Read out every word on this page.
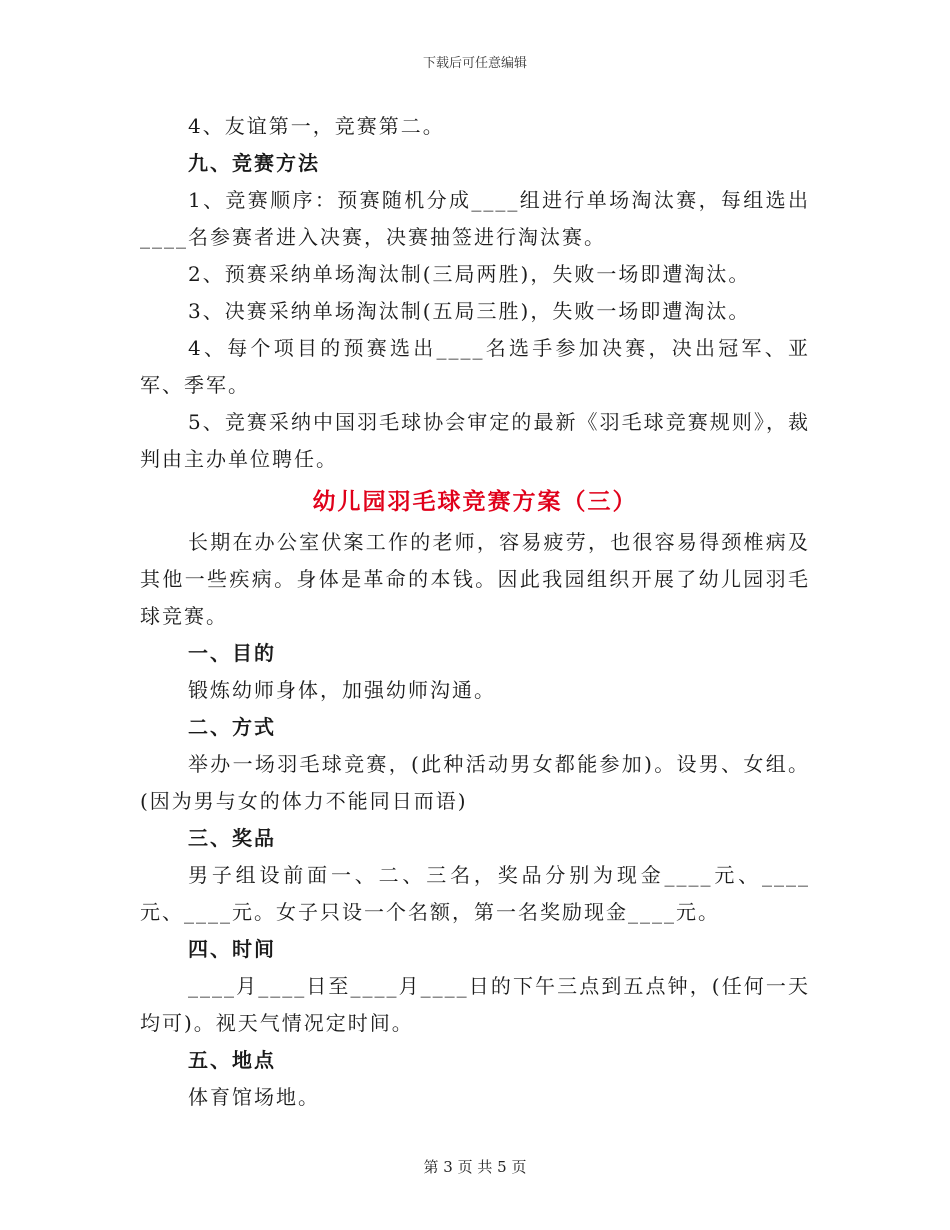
下载后可任意编辑

4、友谊第一，竞赛第二。

九、竞赛方法

1、竞赛顺序：预赛随机分成____组进行单场淘汰赛，每组选出____名参赛者进入决赛，决赛抽签进行淘汰赛。

2、预赛采纳单场淘汰制(三局两胜)，失败一场即遭淘汰。

3、决赛采纳单场淘汰制(五局三胜)，失败一场即遭淘汰。

4、每个项目的预赛选出____名选手参加决赛，决出冠军、亚军、季军。

5、竞赛采纳中国羽毛球协会审定的最新《羽毛球竞赛规则》，裁判由主办单位聘任。

幼儿园羽毛球竞赛方案（三）

长期在办公室伏案工作的老师，容易疲劳，也很容易得颈椎病及其他一些疾病。身体是革命的本钱。因此我园组织开展了幼儿园羽毛球竞赛。

一、目的

锻炼幼师身体，加强幼师沟通。

二、方式

举办一场羽毛球竞赛，(此种活动男女都能参加)。设男、女组。(因为男与女的体力不能同日而语)

三、奖品

男子组设前面一、二、三名，奖品分别为现金____元、____元、____元。女子只设一个名额，第一名奖励现金____元。

四、时间

____月____日至____月____日的下午三点到五点钟，(任何一天均可)。视天气情况定时间。

五、地点

体育馆场地。

第 3 页 共 5 页
